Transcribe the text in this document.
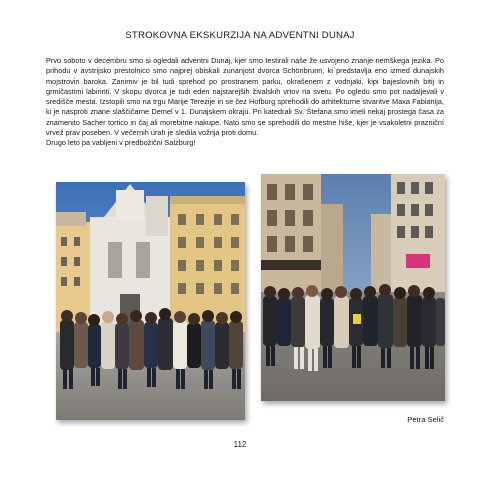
STROKOVNA EKSKURZIJA NA ADVENTNI DUNAJ

Prvo soboto v decembru smo si ogledali adventni Dunaj, kjer smo testirali naše že usvojeno znanje nemškega jezika. Po prihodu v avstrijsko prestolnico smo najprej obiskali zunanjost dvorca Schönbrunn, ki predstavlja eno izmed dunajskih mojstrovin baroka. Zanimiv je bil tudi sprehod po prostranem parku, okrašenem z vodnjaki, kipi bajeslovnih bitij in grmičastimi labirinti. V skopu dvorca je tudi eden najstarejših živalskih vrtov na svetu. Po ogledu smo pot nadaljevali v središče mesta. Izstopili smo na trgu Marije Terezije in se čez Hofburg sprehodili do arhitekturne stvaritve Maxa Fabianija, ki je nasproti znane slaščičarne Demel v 1. Dunajskem okraju. Pri katedrali Sv. Štefana smo imeli nekaj prostega časa za znamenito Sacher tortico in čaj ali morebitne nakupe. Nato smo se sprehodili do mestne hiše, kjer je vsakoletni prazniční vrvež prav poseben. V večernih urah je sledila vožnja proti domu.

Drugo leto pa vabljeni v predbožični Salzburg!

Petra Selič
112
